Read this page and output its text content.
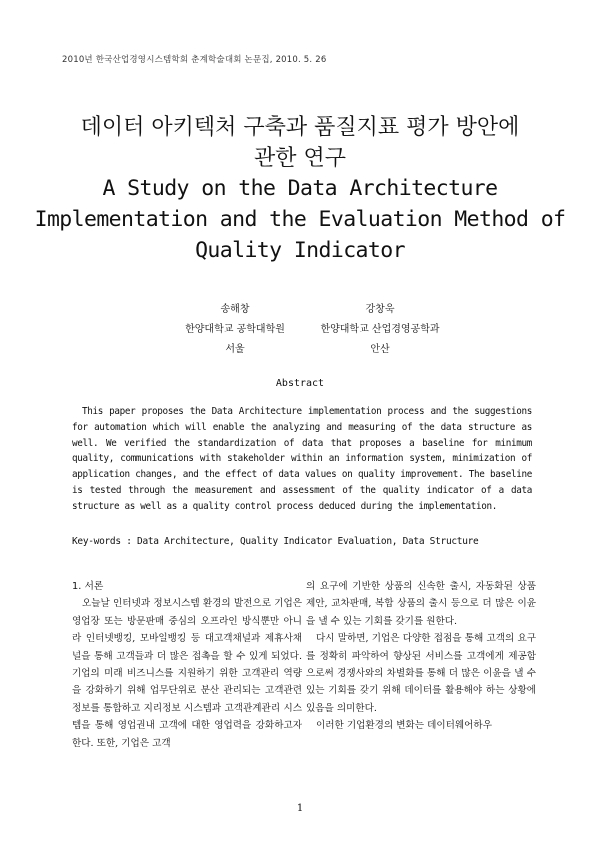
2010년 한국산업경영시스템학회 춘계학술대회 논문집, 2010. 5. 26
데이터 아키텍처 구축과 품질지표 평가 방안에
관한 연구
A Study on the Data Architecture
Implementation and the Evaluation Method of
Quality Indicator
송해창
한양대학교 공학대학원
서울
강창욱
한양대학교 산업경영공학과
안산
Abstract
This paper proposes the Data Architecture implementation process and the suggestions for automation which will enable the analyzing and measuring of the data structure as well. We verified the standardization of data that proposes a baseline for minimum quality, communications with stakeholder within an information system, minimization of application changes, and the effect of data values on quality improvement. The baseline is tested through the measurement and assessment of the quality indicator of a data structure as well as a quality control process deduced during the implementation.
Key-words : Data Architecture, Quality Indicator Evaluation, Data Structure

1. 서론

오늘날 인터넷과 정보시스템 환경의 발전으로 기업은 영업장 또는 방문판매 중심의 오프라인 방식뿐만 아니라 인터넷뱅킹, 모바일뱅킹 등 대고객채널과 제휴사채널을 통해 고객들과 더 많은 접촉을 할 수 있게 되었다. 기업의 미래 비즈니스를 지원하기 위한 고객관리 역량을 강화하기 위해 업무단위로 분산 관리되는 고객관련 정보를 통합하고 지리정보 시스템과 고객관계관리 시스템을 통해 영업권내 고객에 대한 영업력을 강화하고자 한다. 또한, 기업은 고객

의 요구에 기반한 상품의 신속한 출시, 자동화된 상품 제안, 교차판매, 복합 상품의 출시 등으로 더 많은 이윤을 낼 수 있는 기회를 갖기를 원한다.

다시 말하면, 기업은 다양한 접점을 통해 고객의 요구를 정확히 파악하여 향상된 서비스를 고객에게 제공함으로써 경쟁사와의 차별화를 통해 더 많은 이윤을 낼 수 있는 기회를 갖기 위해 데이터를 활용해야 하는 상황에 있음을 의미한다.

이러한 기업환경의 변화는 데이터웨어하우

1
